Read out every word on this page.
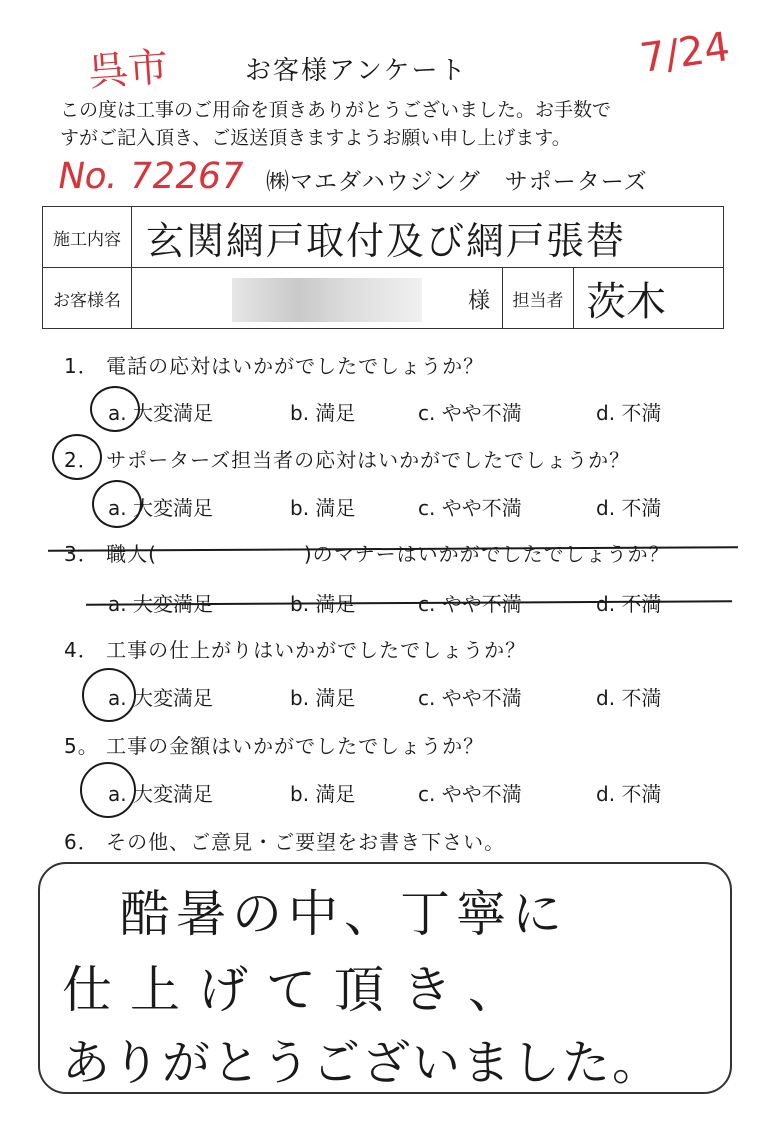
呉市	お客様アンケート	7/24
この度は工事のご用命を頂きありがとうございました。お手数で
すがご記入頂き、ご返送頂きますようお願い申し上げます。
No. 72267 ㈱マエダハウジング　サポーターズ
施工内容	玄関網戸取付及び網戸張替		
お客様名	様	担当者	茨木
1． 電話の応対はいかがでしたでしょうか？
a. 大変満足	b. 満足	c. やや不満	d. 不満
2． サポーターズ担当者の応対はいかがでしたでしょうか？
a. 大変満足	b. 満足	c. やや不満	d. 不満
3． 職人(　　　　　　　)のマナーはいかがでしたでしょうか？
a. 大変満足	b. 満足	c. やや不満	d. 不満
4． 工事の仕上がりはいかがでしたでしょうか？
a. 大変満足	b. 満足	c. やや不満	d. 不満
5。 工事の金額はいかがでしたでしょうか？
a. 大変満足	b. 満足	c. やや不満	d. 不満
6． その他、ご意見・ご要望をお書き下さい。
酷暑の中、丁寧に
仕上げて頂き、
ありがとうございました。
